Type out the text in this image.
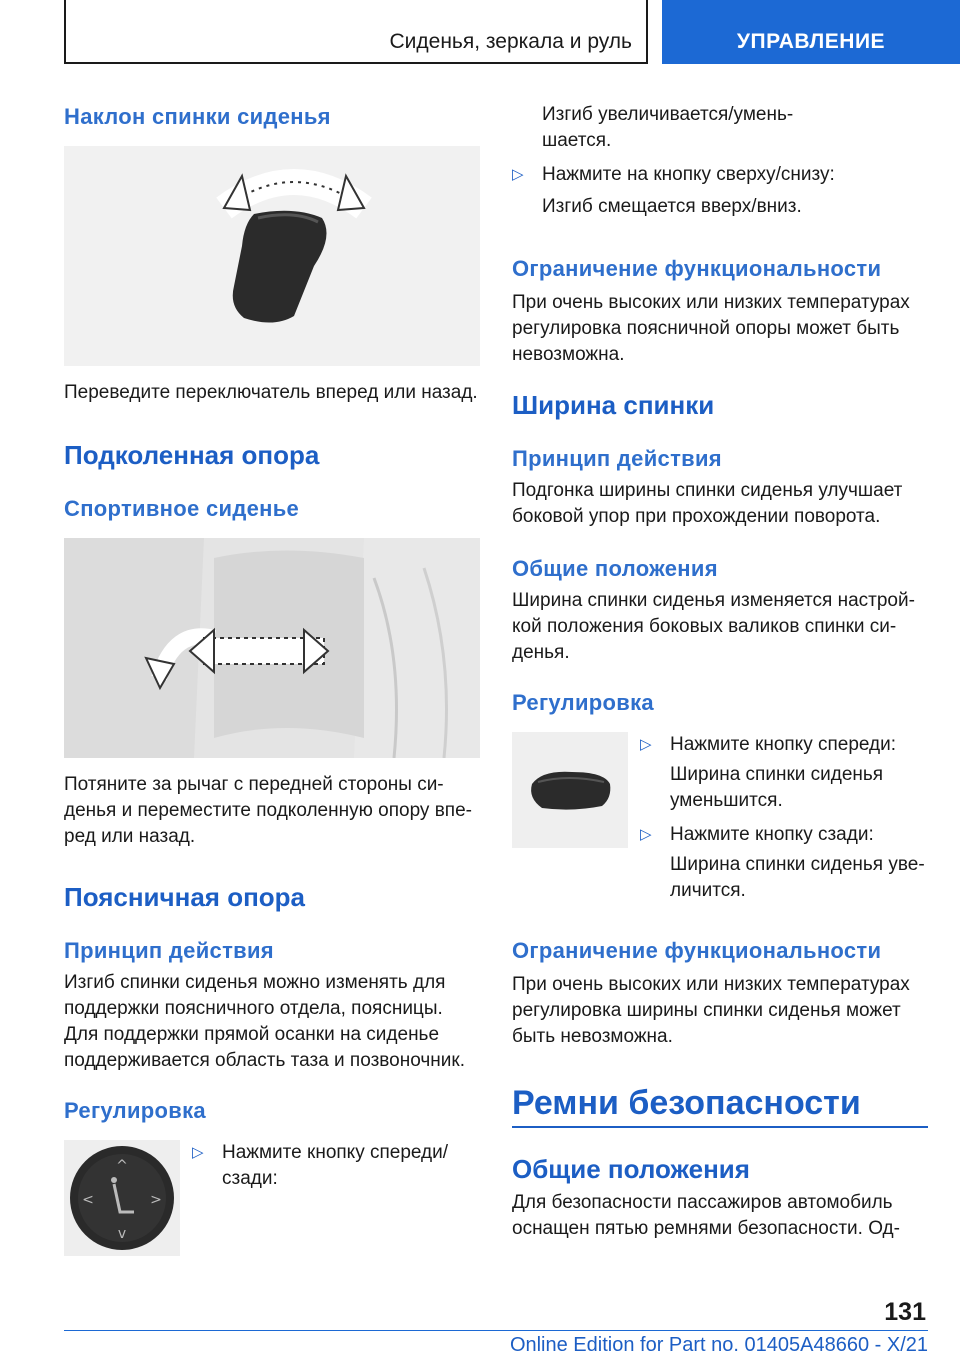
Сиденья, зеркала и руль	УПРАВЛЕНИЕ
Наклон спинки сиденья
Переведите переключатель вперед или назад.
Подколенная опора
Спортивное сиденье
Потяните за рычаг с передней стороны си-
денья и переместите подколенную опору впе-
ред или назад.
Поясничная опора
Принцип действия
Изгиб спинки сиденья можно изменять для
поддержки поясничного отдела, поясницы.
Для поддержки прямой осанки на сиденье
поддерживается область таза и позвоночник.
Регулировка
^
v
<	>
▷ Нажмите кнопку спереди/
сзади:
Изгиб увеличивается/умень-
шается.
▷ Нажмите на кнопку сверху/снизу:
Изгиб смещается вверх/вниз.
Ограничение функциональности
При очень высоких или низких температурах
регулировка поясничной опоры может быть
невозможна.
Ширина спинки
Принцип действия
Подгонка ширины спинки сиденья улучшает
боковой упор при прохождении поворота.
Общие положения
Ширина спинки сиденья изменяется настрой-
кой положения боковых валиков спинки си-
денья.
Регулировка
▷ Нажмите кнопку спереди:
Ширина спинки сиденья
уменьшится.
▷ Нажмите кнопку сзади:
Ширина спинки сиденья уве-
личится.
Ограничение функциональности
При очень высоких или низких температурах
регулировка ширины спинки сиденья может
быть невозможна.
Ремни безопасности
Общие положения
Для безопасности пассажиров автомобиль
оснащен пятью ремнями безопасности. Од-
131
Online Edition for Part no. 01405A48660 - X/21
